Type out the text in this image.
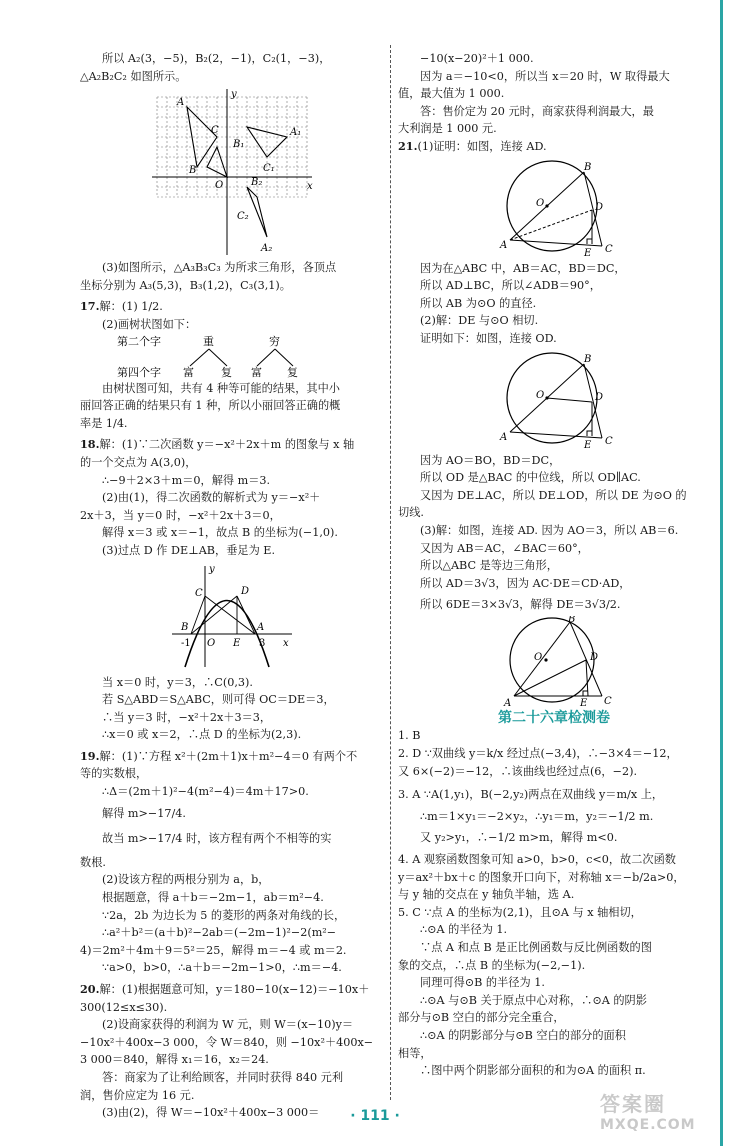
所以 A₂(3，−5)，B₂(2，−1)，C₂(1，−3)，

△A₂B₂C₂ 如图所示。

A
A₁
C
B
B₁
C₁
O	x
y
B₂
C₂
A₂

(3)如图所示，△A₃B₃C₃ 为所求三角形，各顶点

坐标分别为 A₃(5,3)，B₃(1,2)，C₃(3,1)。

17.解：(1) 1/2.

(2)画树状图如下：

第二个字	重	穷
第四个字 富 复 富 复

由树状图可知，共有 4 种等可能的结果，其中小

丽回答正确的结果只有 1 种，所以小丽回答正确的概

率是 1/4.

18.解：(1)∵二次函数 y＝−x²＋2x＋m 的图象与 x 轴

的一个交点为 A(3,0)，

∴−9＋2×3＋m＝0，解得 m＝3.

(2)由(1)，得二次函数的解析式为 y＝−x²＋

2x＋3，当 y＝0 时，−x²＋2x＋3＝0，

解得 x＝3 或 x＝−1，故点 B 的坐标为(−1,0).

(3)过点 D 作 DE⊥AB，垂足为 E.

y
C	D
B
O E
A
x
-1	3

当 x＝0 时，y＝3，∴C(0,3).

若 S△ABD＝S△ABC，则可得 OC＝DE＝3，

∴当 y＝3 时，−x²＋2x＋3＝3，

∴x＝0 或 x＝2，∴点 D 的坐标为(2,3).

19.解：(1)∵方程 x²＋(2m＋1)x＋m²−4＝0 有两个不

等的实数根，

∴Δ＝(2m＋1)²−4(m²−4)＝4m＋17>0.

解得 m>−17/4.

故当 m>−17/4 时，该方程有两个不相等的实

数根.

(2)设该方程的两根分别为 a，b，

根据题意，得 a＋b＝−2m−1，ab＝m²−4.

∵2a，2b 为边长为 5 的菱形的两条对角线的长，

∴a²＋b²＝(a＋b)²−2ab＝(−2m−1)²−2(m²−

4)＝2m²＋4m＋9＝5²＝25，解得 m＝−4 或 m＝2.

∵a>0，b>0，∴a＋b＝−2m−1>0，∴m＝−4.

20.解：(1)根据题意可知，y＝180−10(x−12)＝−10x＋

300(12≤x≤30).

(2)设商家获得的利润为 W 元，则 W＝(x−10)y＝

−10x²＋400x−3 000，令 W＝840，则 −10x²＋400x−

3 000＝840，解得 x₁＝16，x₂＝24.

答：商家为了让利给顾客，并同时获得 840 元利

润，售价应定为 16 元.

(3)由(2)，得 W＝−10x²＋400x−3 000＝

−10(x−20)²＋1 000.

因为 a＝−10<0，所以当 x＝20 时，W 取得最大

值，最大值为 1 000.

答：售价定为 20 元时，商家获得利润最大，最

大利润是 1 000 元.

21.(1)证明：如图，连接 AD.

B
O	D
A
E C

因为在△ABC 中，AB＝AC，BD＝DC，

所以 AD⊥BC，所以∠ADB＝90°，

所以 AB 为⊙O 的直径.

(2)解：DE 与⊙O 相切.

证明如下：如图，连接 OD.

B
O	D
A
E C

因为 AO＝BO，BD＝DC，

所以 OD 是△BAC 的中位线，所以 OD∥AC.

又因为 DE⊥AC，所以 DE⊥OD，所以 DE 为⊙O 的

切线.

(3)解：如图，连接 AD. 因为 AO＝3，所以 AB＝6.

又因为 AB＝AC，∠BAC＝60°，

所以△ABC 是等边三角形，

所以 AD＝3√3，因为 AC·DE＝CD·AD，

所以 6DE＝3×3√3，解得 DE＝3√3/2.

B
O	D
A	E C

第二十六章检测卷

1. B

2. D ∵双曲线 y＝k/x 经过点(−3,4)，∴−3×4＝−12，

又 6×(−2)＝−12，∴该曲线也经过点(6，−2).

3. A ∵A(1,y₁)，B(−2,y₂)两点在双曲线 y＝m/x 上，

∴m＝1×y₁＝−2×y₂，∴y₁＝m，y₂＝−1/2 m.

又 y₂>y₁，∴−1/2 m>m，解得 m<0.

4. A 观察函数图象可知 a>0，b>0，c<0，故二次函数

y＝ax²＋bx＋c 的图象开口向下，对称轴 x＝−b/2a>0，

与 y 轴的交点在 y 轴负半轴，选 A.

5. C ∵点 A 的坐标为(2,1)，且⊙A 与 x 轴相切，

∴⊙A 的半径为 1.

∵点 A 和点 B 是正比例函数与反比例函数的图

象的交点，∴点 B 的坐标为(−2,−1).

同理可得⊙B 的半径为 1.

∴⊙A 与⊙B 关于原点中心对称，∴⊙A 的阴影

部分与⊙B 空白的部分完全重合，

∴⊙A 的阴影部分与⊙B 空白的部分的面积

相等，

∴图中两个阴影部分面积的和为⊙A 的面积 π.

· 111 ·	答案圈
MXQE.COM
